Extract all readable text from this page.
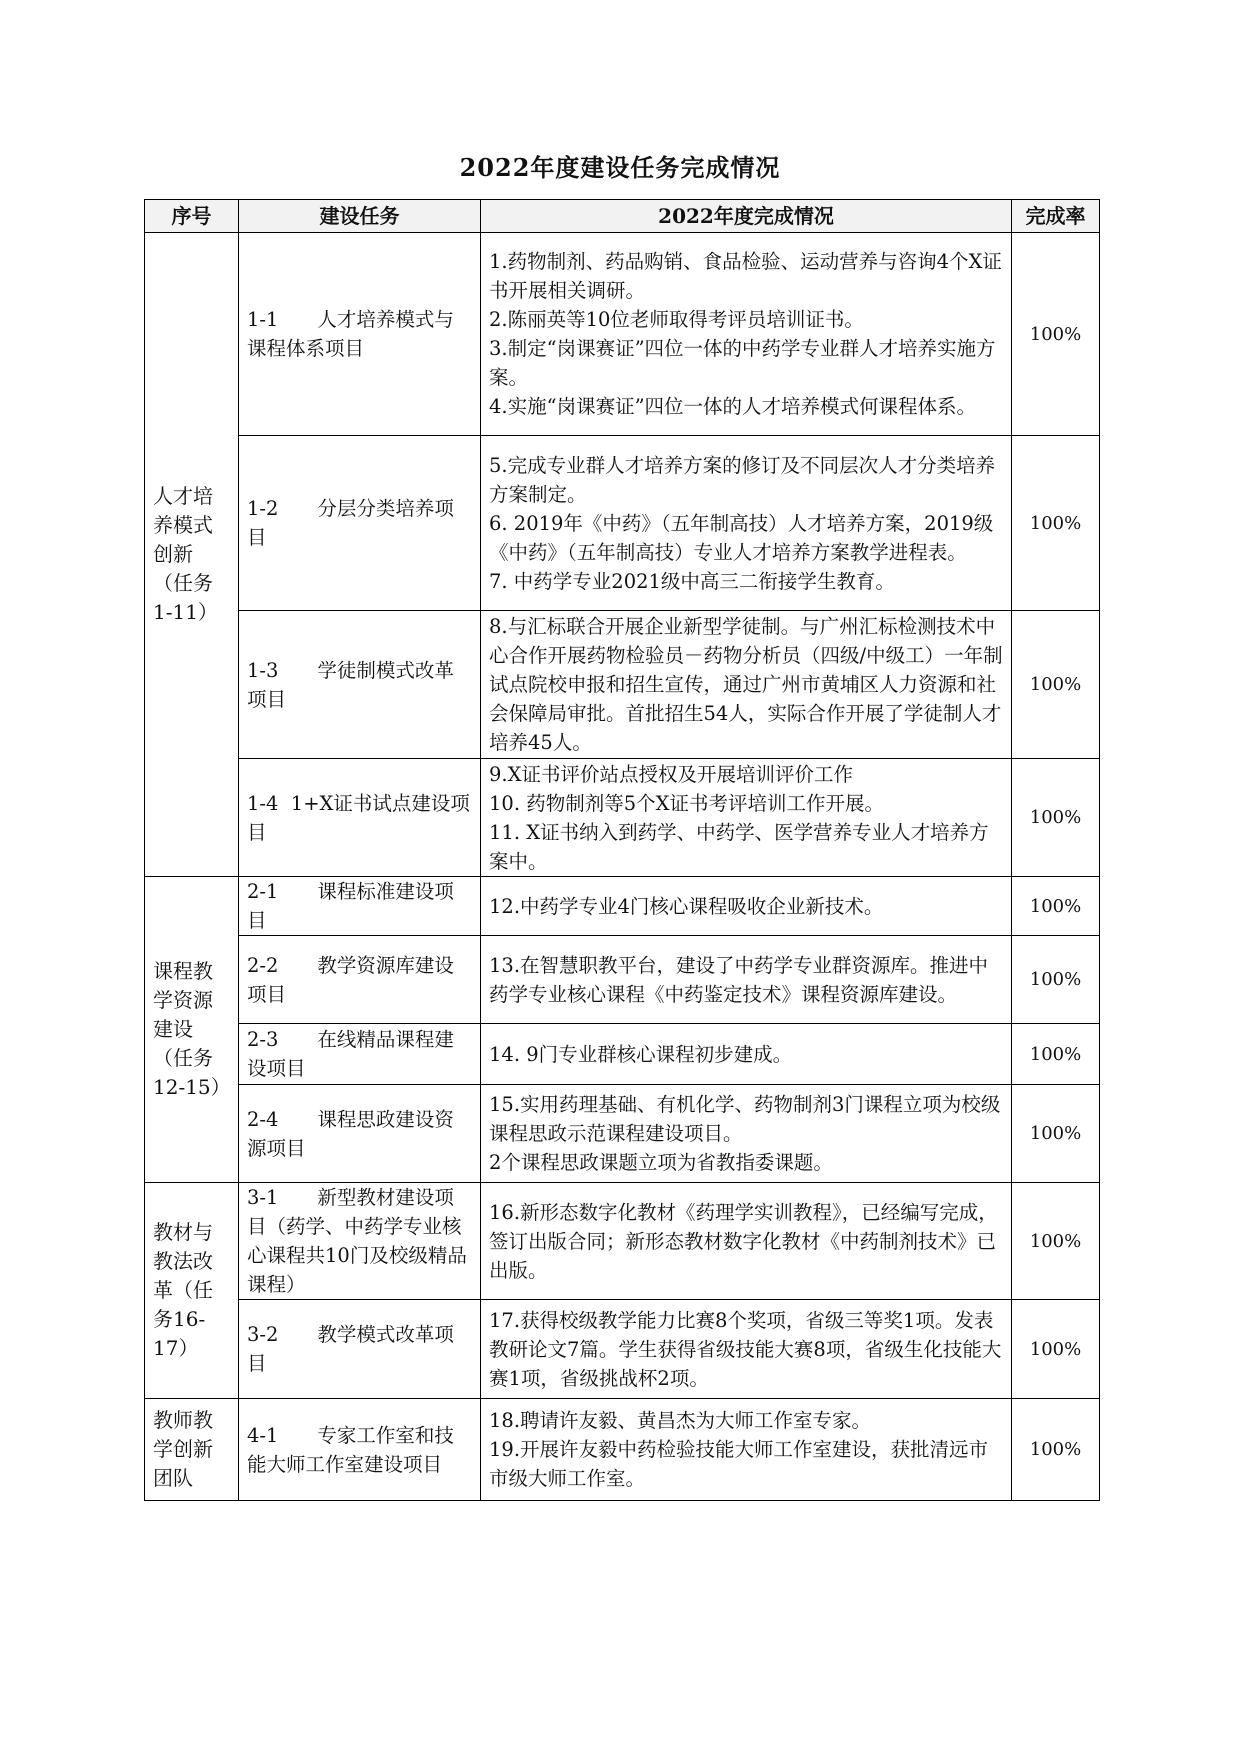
2022年度建设任务完成情况
序号	建设任务	2022年度完成情况	完成率
人才培养模式创新（任务1-11）	1-1　　人才培养模式与课程体系项目	1.药物制剂、药品购销、食品检验、运动营养与咨询4个X证书开展相关调研。
2.陈丽英等10位老师取得考评员培训证书。
3.制定“岗课赛证”四位一体的中药学专业群人才培养实施方案。
4.实施“岗课赛证”四位一体的人才培养模式何课程体系。	100%
	1-2　　分层分类培养项目	5.完成专业群人才培养方案的修订及不同层次人才分类培养方案制定。
6. 2019年《中药》（五年制高技）人才培养方案，2019级《中药》（五年制高技）专业人才培养方案教学进程表。
7. 中药学专业2021级中高三二衔接学生教育。	100%
	1-3　　学徒制模式改革项目	8.与汇标联合开展企业新型学徒制。与广州汇标检测技术中心合作开展药物检验员－药物分析员（四级/中级工）一年制试点院校申报和招生宣传，通过广州市黄埔区人力资源和社会保障局审批。首批招生54人，实际合作开展了学徒制人才培养45人。	100%
	1-4  1+X证书试点建设项目	9.X证书评价站点授权及开展培训评价工作
10. 药物制剂等5个X证书考评培训工作开展。
11. X证书纳入到药学、中药学、医学营养专业人才培养方案中。	100%
课程教学资源建设（任务12-15）	2-1　　课程标准建设项目	12.中药学专业4门核心课程吸收企业新技术。	100%
	2-2　　教学资源库建设项目	13.在智慧职教平台，建设了中药学专业群资源库。推进中药学专业核心课程《中药鉴定技术》课程资源库建设。	100%
	2-3　　在线精品课程建设项目	14. 9门专业群核心课程初步建成。	100%
	2-4　　课程思政建设资源项目	15.实用药理基础、有机化学、药物制剂3门课程立项为校级课程思政示范课程建设项目。
2个课程思政课题立项为省教指委课题。	100%
教材与教法改革（任务16-17）	3-1　　新型教材建设项目（药学、中药学专业核心课程共10门及校级精品课程）	16.新形态数字化教材《药理学实训教程》，已经编写完成，签订出版合同；新形态教材数字化教材《中药制剂技术》已出版。	100%
	3-2　　教学模式改革项目	17.获得校级教学能力比赛8个奖项，省级三等奖1项。发表教研论文7篇。学生获得省级技能大赛8项，省级生化技能大赛1项，省级挑战杯2项。	100%
教师教学创新团队	4-1　　专家工作室和技能大师工作室建设项目	18.聘请许友毅、黄昌杰为大师工作室专家。
19.开展许友毅中药检验技能大师工作室建设，获批清远市市级大师工作室。	100%
